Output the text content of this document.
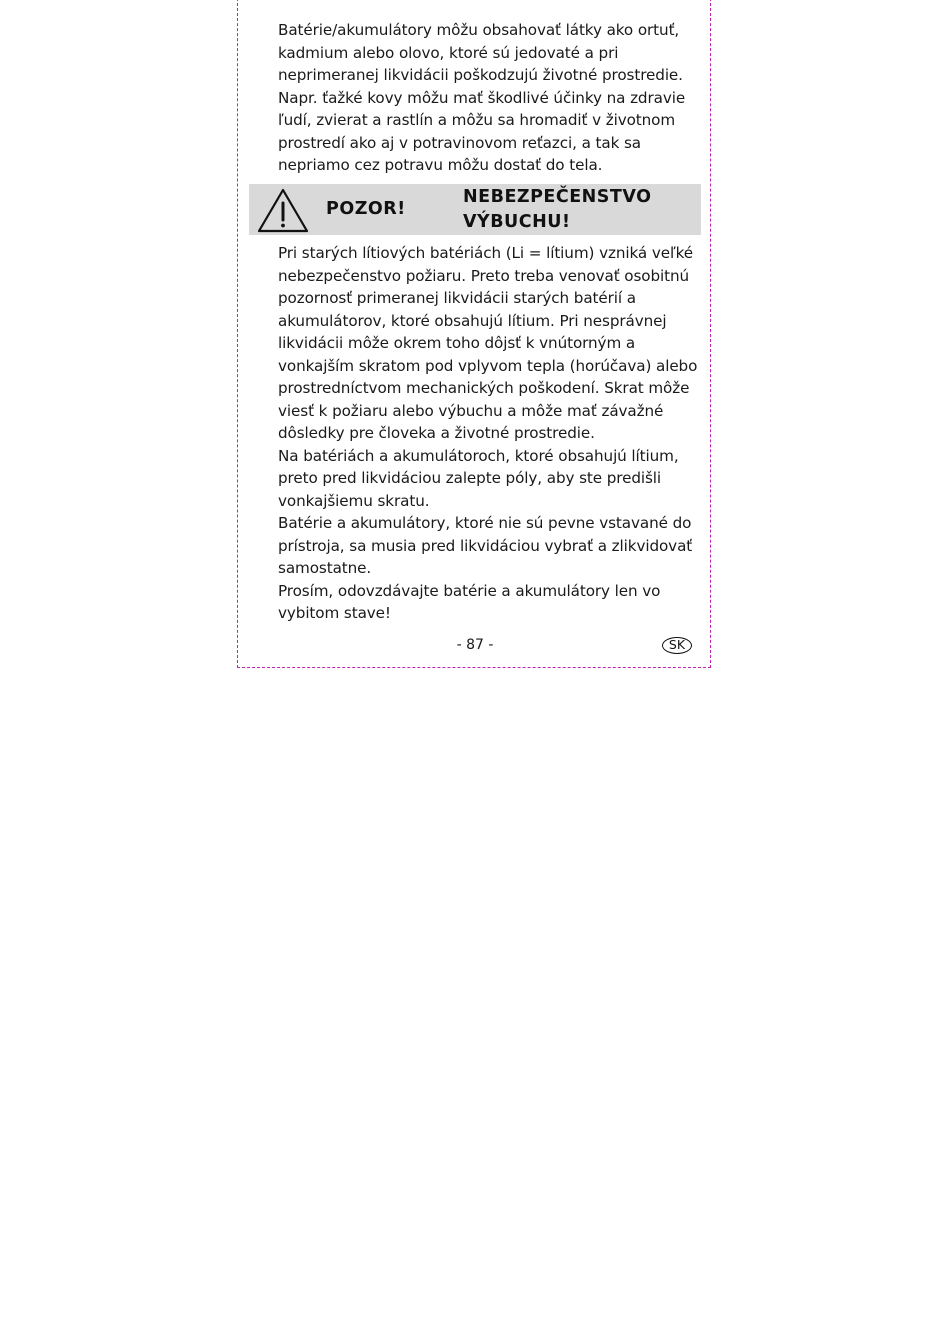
Batérie/akumulátory môžu obsahovať látky ako ortuť,
kadmium alebo olovo, ktoré sú jedovaté a pri
neprimeranej likvidácii poškodzujú životné prostredie.
Napr. ťažké kovy môžu mať škodlivé účinky na zdravie
ľudí, zvierat a rastlín a môžu sa hromadiť v životnom
prostredí ako aj v potravinovom reťazci, a tak sa
nepriamo cez potravu môžu dostať do tela.
POZOR!
NEBEZPEČENSTVO
VÝBUCHU!
Pri starých lítiových batériách (Li = lítium) vzniká veľké
nebezpečenstvo požiaru. Preto treba venovať osobitnú
pozornosť primeranej likvidácii starých batérií a
akumulátorov, ktoré obsahujú lítium. Pri nesprávnej
likvidácii môže okrem toho dôjsť k vnútorným a
vonkajším skratom pod vplyvom tepla (horúčava) alebo
prostredníctvom mechanických poškodení. Skrat môže
viesť k požiaru alebo výbuchu a môže mať závažné
dôsledky pre človeka a životné prostredie.
Na batériách a akumulátoroch, ktoré obsahujú lítium,
preto pred likvidáciou zalepte póly, aby ste predišli
vonkajšiemu skratu.
Batérie a akumulátory, ktoré nie sú pevne vstavané do
prístroja, sa musia pred likvidáciou vybrať a zlikvidovať
samostatne.
Prosím, odovzdávajte batérie a akumulátory len vo
vybitom stave!
- 87 -	SK
